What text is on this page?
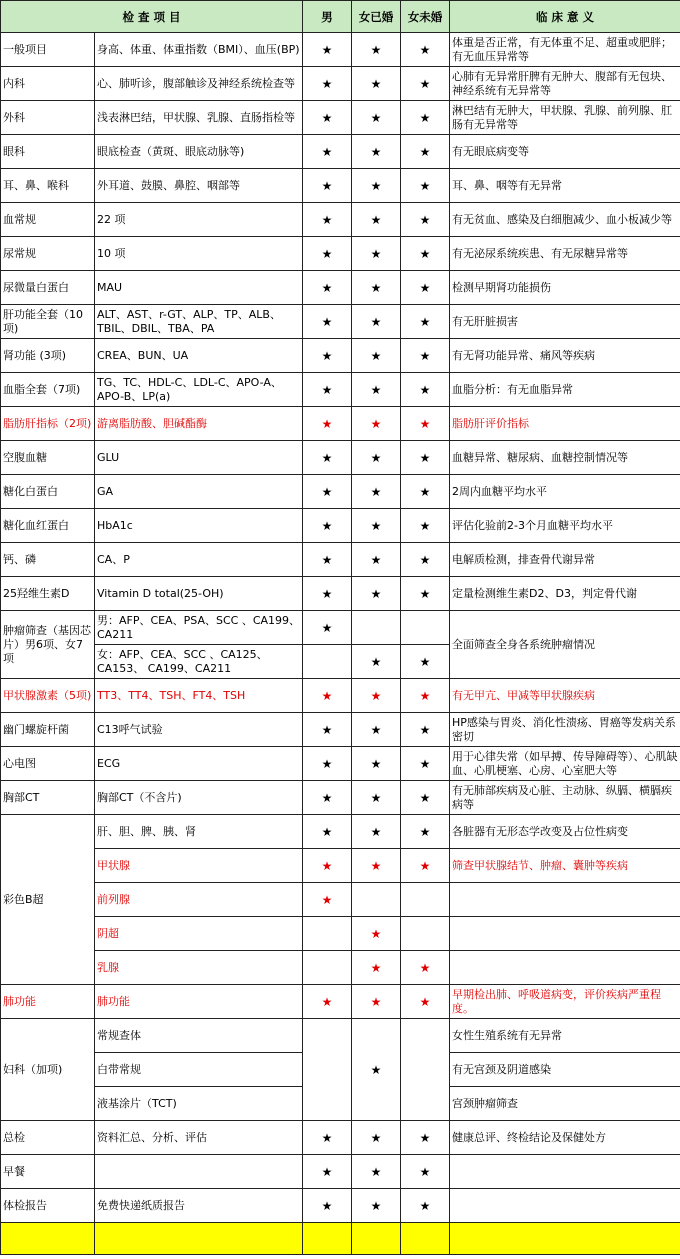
检 查 项 目		男	女已婚	女未婚	临 床 意 义
一般项目	身高、体重、体重指数（BMI）、血压(BP)	★	★	★	体重是否正常，有无体重不足、超重或肥胖；有无血压异常等
内科	心、肺听诊，腹部触诊及神经系统检查等	★	★	★	心肺有无异常肝脾有无肿大、腹部有无包块、神经系统有无异常等
外科	浅表淋巴结，甲状腺、乳腺、直肠指检等	★	★	★	淋巴结有无肿大，甲状腺、乳腺、前列腺、肛肠有无异常等
眼科	眼底检查（黄斑、眼底动脉等)	★	★	★	有无眼底病变等
耳、鼻、喉科	外耳道、鼓膜、鼻腔、咽部等	★	★	★	耳、鼻、咽等有无异常
血常规	22 项	★	★	★	有无贫血、感染及白细胞减少、血小板减少等
尿常规	10 项	★	★	★	有无泌尿系统疾患、有无尿糖异常等
尿微量白蛋白	MAU	★	★	★	检测早期肾功能损伤
肝功能全套（10项)	ALT、AST、r-GT、ALP、TP、ALB、TBIL、DBIL、TBA、PA	★	★	★	有无肝脏损害
肾功能 (3项)	CREA、BUN、UA	★	★	★	有无肾功能异常、痛风等疾病
血脂全套（7项)	TG、TC、HDL-C、LDL-C、APO-A、APO-B、LP(a)	★	★	★	血脂分析：有无血脂异常
脂肪肝指标（2项)	游离脂肪酸、胆碱酯酶	★	★	★	脂肪肝评价指标
空腹血糖	GLU	★	★	★	血糖异常、糖尿病、血糖控制情况等
糖化白蛋白	GA	★	★	★	2周内血糖平均水平
糖化血红蛋白	HbA1c	★	★	★	评估化验前2-3个月血糖平均水平
钙、磷	CA、P	★	★	★	电解质检测，排查骨代谢异常
25羟维生素D	Vitamin D total(25-OH)	★	★	★	定量检测维生素D2、D3，判定骨代谢
肿瘤筛查（基因芯片）男6项、女7项	男：AFP、CEA、PSA、SCC 、CA199、CA211	★			全面筛查全身各系统肿瘤情况
	女：AFP、CEA、SCC 、CA125、CA153、 CA199、CA211		★	★	
甲状腺激素（5项)	TT3、TT4、TSH、FT4、TSH	★	★	★	有无甲亢、甲减等甲状腺疾病
幽门螺旋杆菌	C13呼气试验	★	★	★	HP感染与胃炎、消化性溃疡、胃癌等发病关系密切
心电图	ECG	★	★	★	用于心律失常（如早搏、传导障碍等）、心肌缺血、心肌梗塞、心房、心室肥大等
胸部CT	胸部CT（不含片)	★	★	★	有无肺部疾病及心脏、主动脉、纵膈、横膈疾病等
彩色B超	肝、胆、脾、胰、肾	★	★	★	各脏器有无形态学改变及占位性病变
	甲状腺	★	★	★	筛查甲状腺结节、肿瘤、囊肿等疾病
	前列腺	★			
	阴超		★		
	乳腺		★	★	
肺功能	肺功能	★	★	★	早期检出肺、呼吸道病变，评价疾病严重程度。
妇科（加项)	常规查体		★		女性生殖系统有无异常
	白带常规				有无宫颈及阴道感染
	液基涂片（TCT)				宫颈肿瘤筛查
总检	资料汇总、分析、评估	★	★	★	健康总评、终检结论及保健处方
早餐		★	★	★	
体检报告	免费快递纸质报告	★	★	★	
